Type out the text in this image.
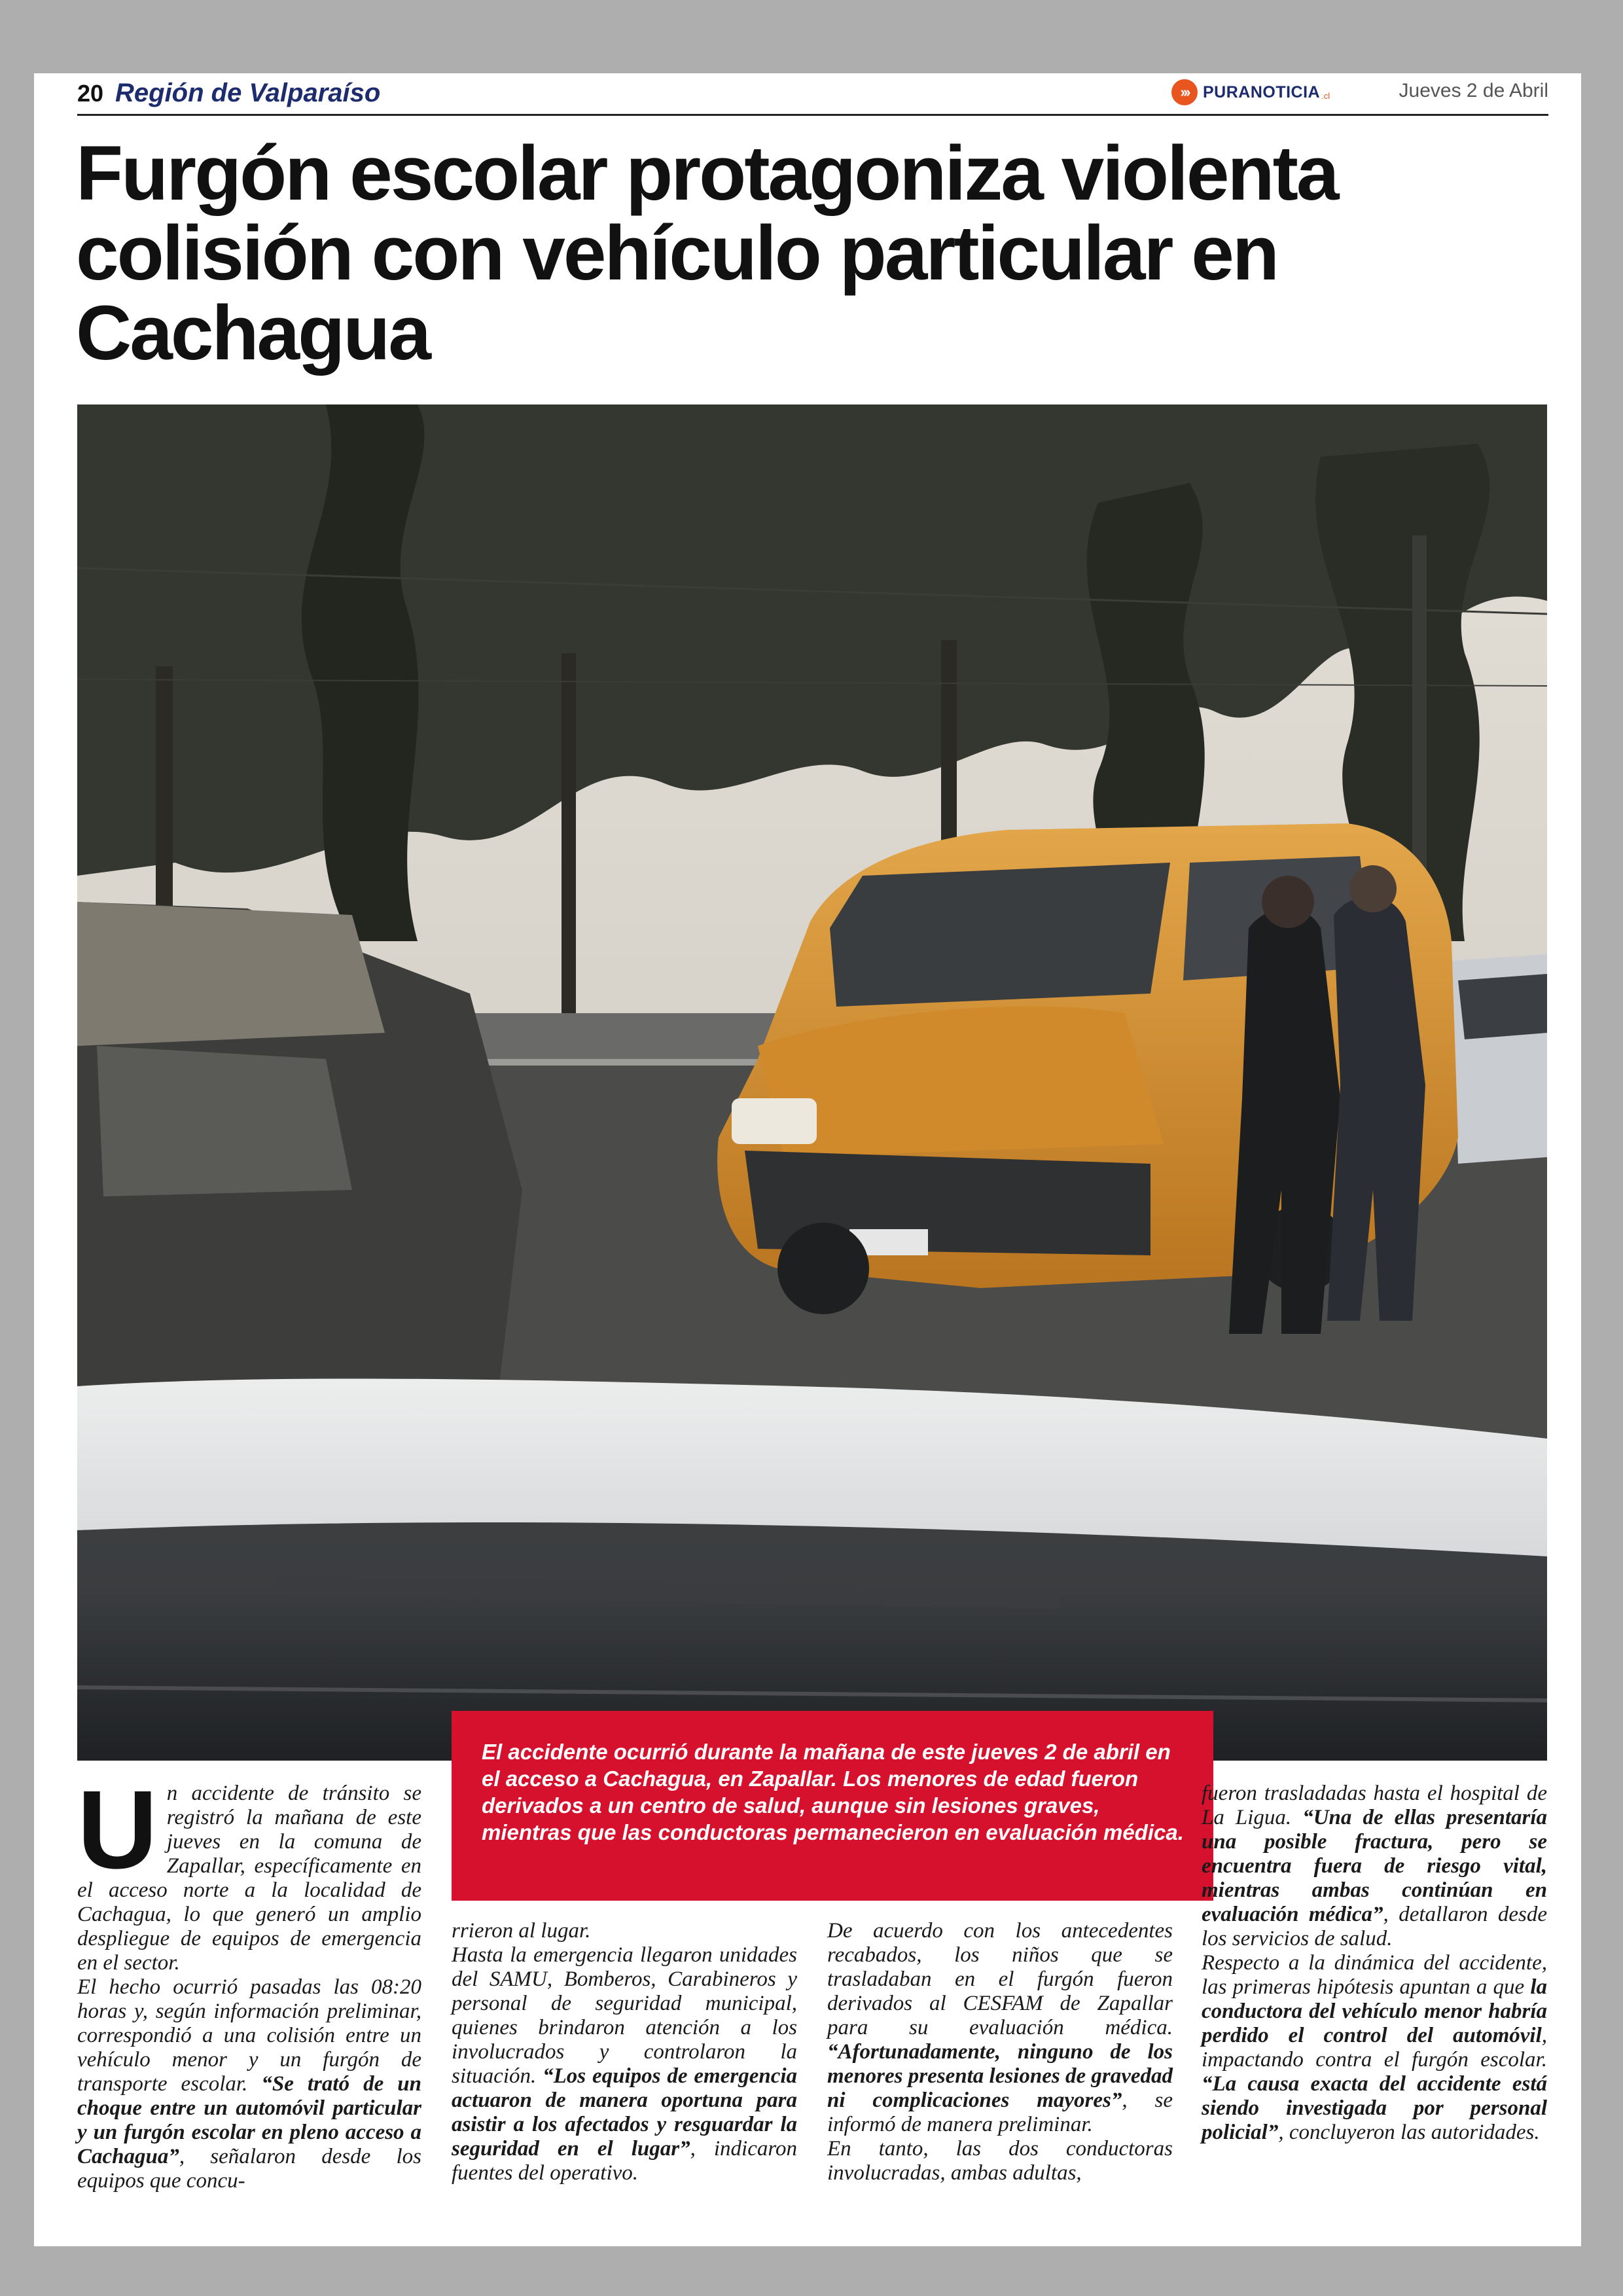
20 Región de Valparaíso	››› PURANOTICIA .cl	Jueves 2 de Abril
Furgón escolar protagoniza violenta colisión con vehículo particular en Cachagua

El accidente ocurrió durante la mañana de este jueves 2 de abril en el acceso a Cachagua, en Zapallar. Los menores de edad fueron derivados a un centro de salud, aunque sin lesiones graves, mientras que las conductoras permanecieron en evaluación médica.

U n accidente de tránsito se registró la mañana de este jueves en la comuna de Zapallar, específicamente en el acceso norte a la localidad de Cachagua, lo que generó un amplio despliegue de equipos de emergencia en el sector.

El hecho ocurrió pasadas las 08:20 horas y, según información preliminar, correspondió a una colisión entre un vehículo menor y un furgón de transporte escolar. “Se trató de un choque entre un automóvil particular y un furgón escolar en pleno acceso a Cachagua”, señalaron desde los equipos que concu-

rrieron al lugar.

Hasta la emergencia llegaron unidades del SAMU, Bomberos, Carabineros y personal de seguridad municipal, quienes brindaron atención a los involucrados y controlaron la situación. “Los equipos de emergencia actuaron de manera oportuna para asistir a los afectados y resguardar la seguridad en el lugar”, indicaron fuentes del operativo.

De acuerdo con los antecedentes recabados, los niños que se trasladaban en el furgón fueron derivados al CESFAM de Zapallar para su evaluación médica. “Afortunadamente, ninguno de los menores presenta lesiones de gravedad ni complicaciones mayores”, se informó de manera preliminar.

En tanto, las dos conductoras involucradas, ambas adultas,

fueron trasladadas hasta el hospital de La Ligua. “Una de ellas presentaría una posible fractura, pero se encuentra fuera de riesgo vital, mientras ambas continúan en evaluación médica”, detallaron desde los servicios de salud.

Respecto a la dinámica del accidente, las primeras hipótesis apuntan a que la conductora del vehículo menor habría perdido el control del automóvil, impactando contra el furgón escolar. “La causa exacta del accidente está siendo investigada por personal policial”, concluyeron las autoridades.
